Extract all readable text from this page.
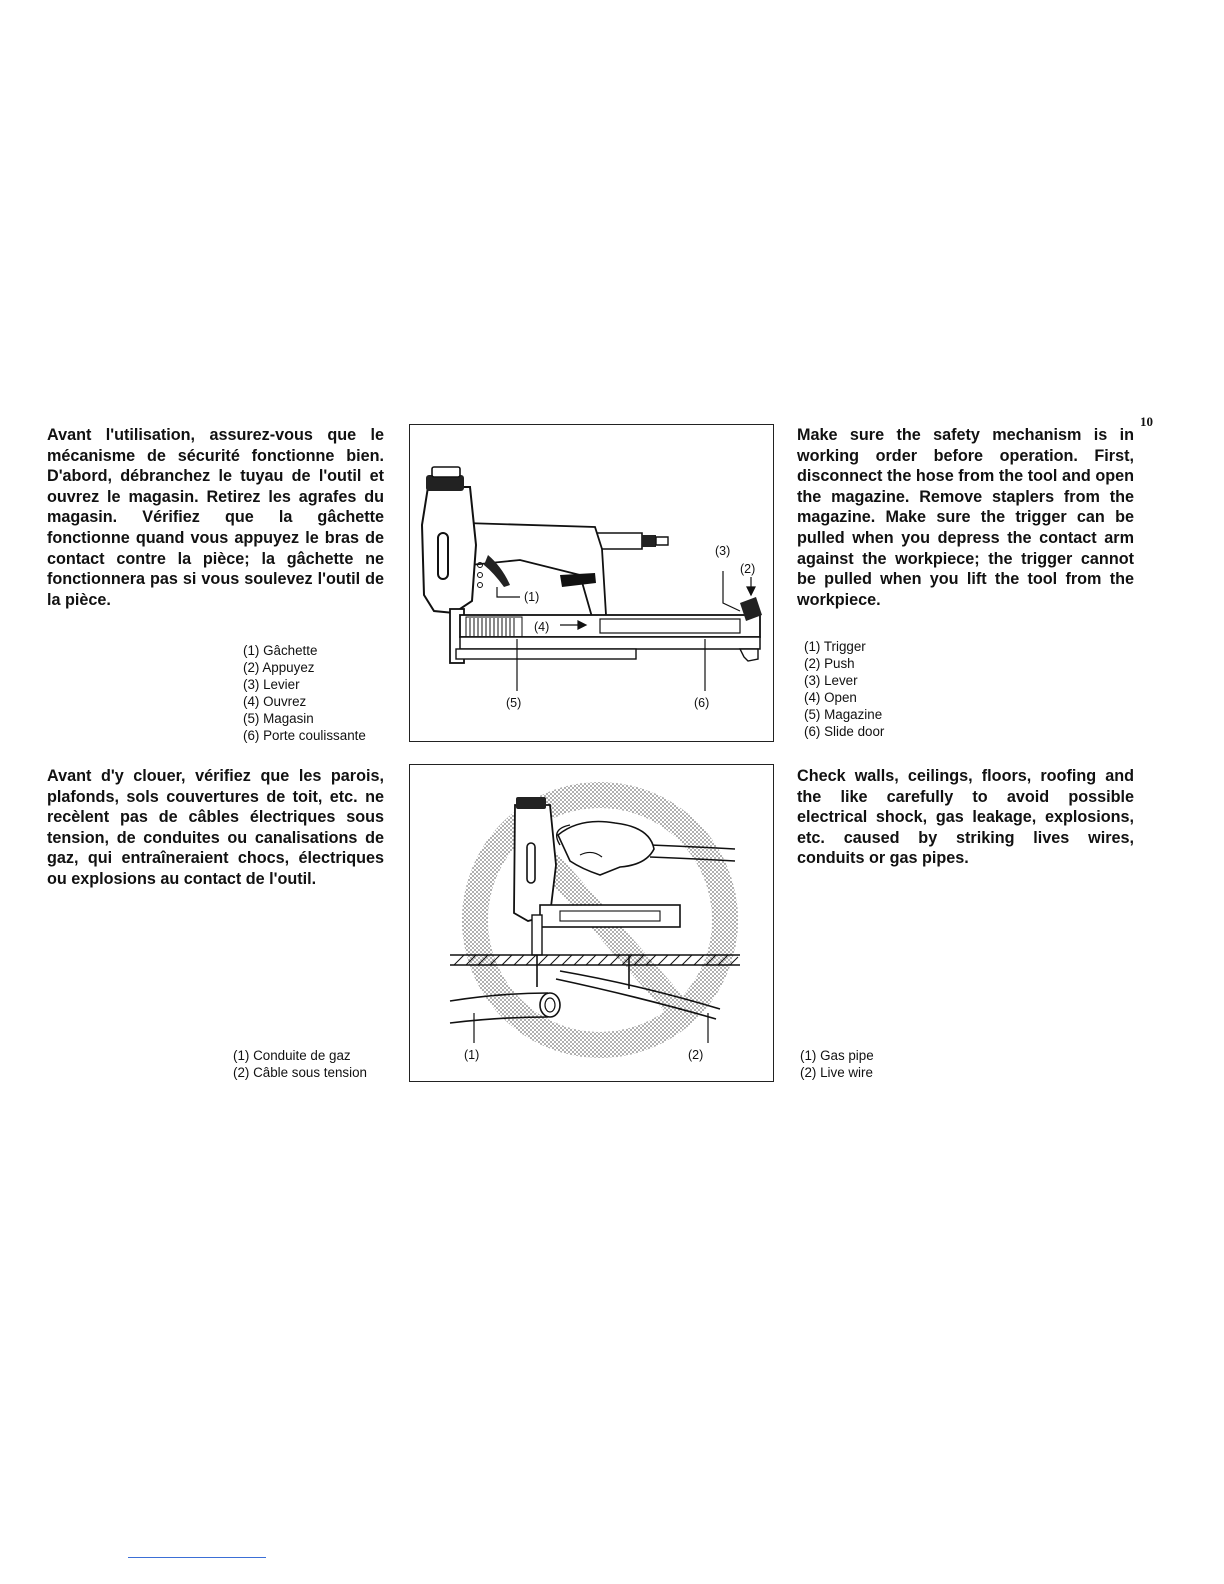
10

Avant l'utilisation, assurez-vous que le mécanisme de sécurité fonctionne bien. D'abord, débranchez le tuyau de l'outil et ouvrez le magasin. Retirez les agrafes du magasin. Vérifiez que la gâchette fonctionne quand vous appuyez le bras de contact contre la pièce; la gâchette ne fonctionnera pas si vous soulevez l'outil de la pièce.

(1) Gâchette
(2) Appuyez
(3) Levier
(4) Ouvrez
(5) Magasin
(6) Porte coulissante
(1)
(2)
(3)
(4)
(5)	(6)

Make sure the safety mechanism is in working order before operation. First, disconnect the hose from the tool and open the magazine. Remove staplers from the magazine. Make sure the trigger can be pulled when you depress the contact arm against the workpiece; the trigger cannot be pulled when you lift the tool from the workpiece.

(1) Trigger
(2) Push
(3) Lever
(4) Open
(5) Magazine
(6) Slide door

Avant d'y clouer, vérifiez que les parois, plafonds, sols couvertures de toit, etc. ne recèlent pas de câbles électriques sous tension, de conduites ou canalisations de gaz, qui entraîneraient chocs, électriques ou explosions au contact de l'outil.

(1) Conduite de gaz
(2) Câble sous tension
(1)	(2)

Check walls, ceilings, floors, roofing and the like carefully to avoid possible electrical shock, gas leakage, explosions, etc. caused by striking lives wires, conduits or gas pipes.

(1) Gas pipe
(2) Live wire
